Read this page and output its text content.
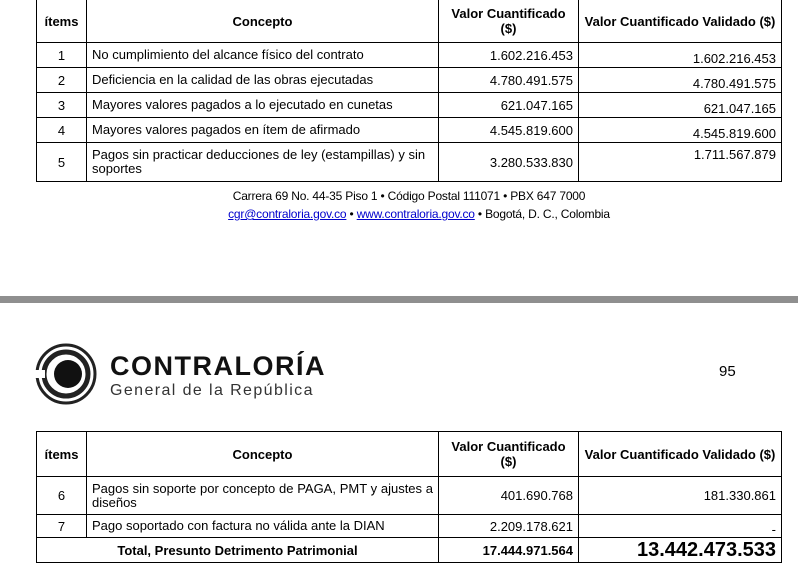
ítems	Concepto	Valor Cuantificado ($)	Valor Cuantificado Validado ($)
1	No cumplimiento del alcance físico del contrato	1.602.216.453	1.602.216.453
2	Deficiencia en la calidad de las obras ejecutadas	4.780.491.575	4.780.491.575
3	Mayores valores pagados a lo ejecutado en cunetas	621.047.165	621.047.165
4	Mayores valores pagados en ítem de afirmado	4.545.819.600	4.545.819.600
5	Pagos sin practicar deducciones de ley (estampillas) y sin soportes	3.280.533.830	1.711.567.879
Carrera 69 No. 44-35 Piso 1 • Código Postal 111071 • PBX 647 7000
cgr@contraloria.gov.co • www.contraloria.gov.co • Bogotá, D. C., Colombia
CONTRALORÍA
General de la República
95
ítems	Concepto	Valor Cuantificado ($)	Valor Cuantificado Validado ($)
6	Pagos sin soporte por concepto de PAGA, PMT y ajustes a diseños	401.690.768	181.330.861
7	Pago soportado con factura no válida ante la DIAN	2.209.178.621	-
Total, Presunto Detrimento Patrimonial		17.444.971.564	13.442.473.533
